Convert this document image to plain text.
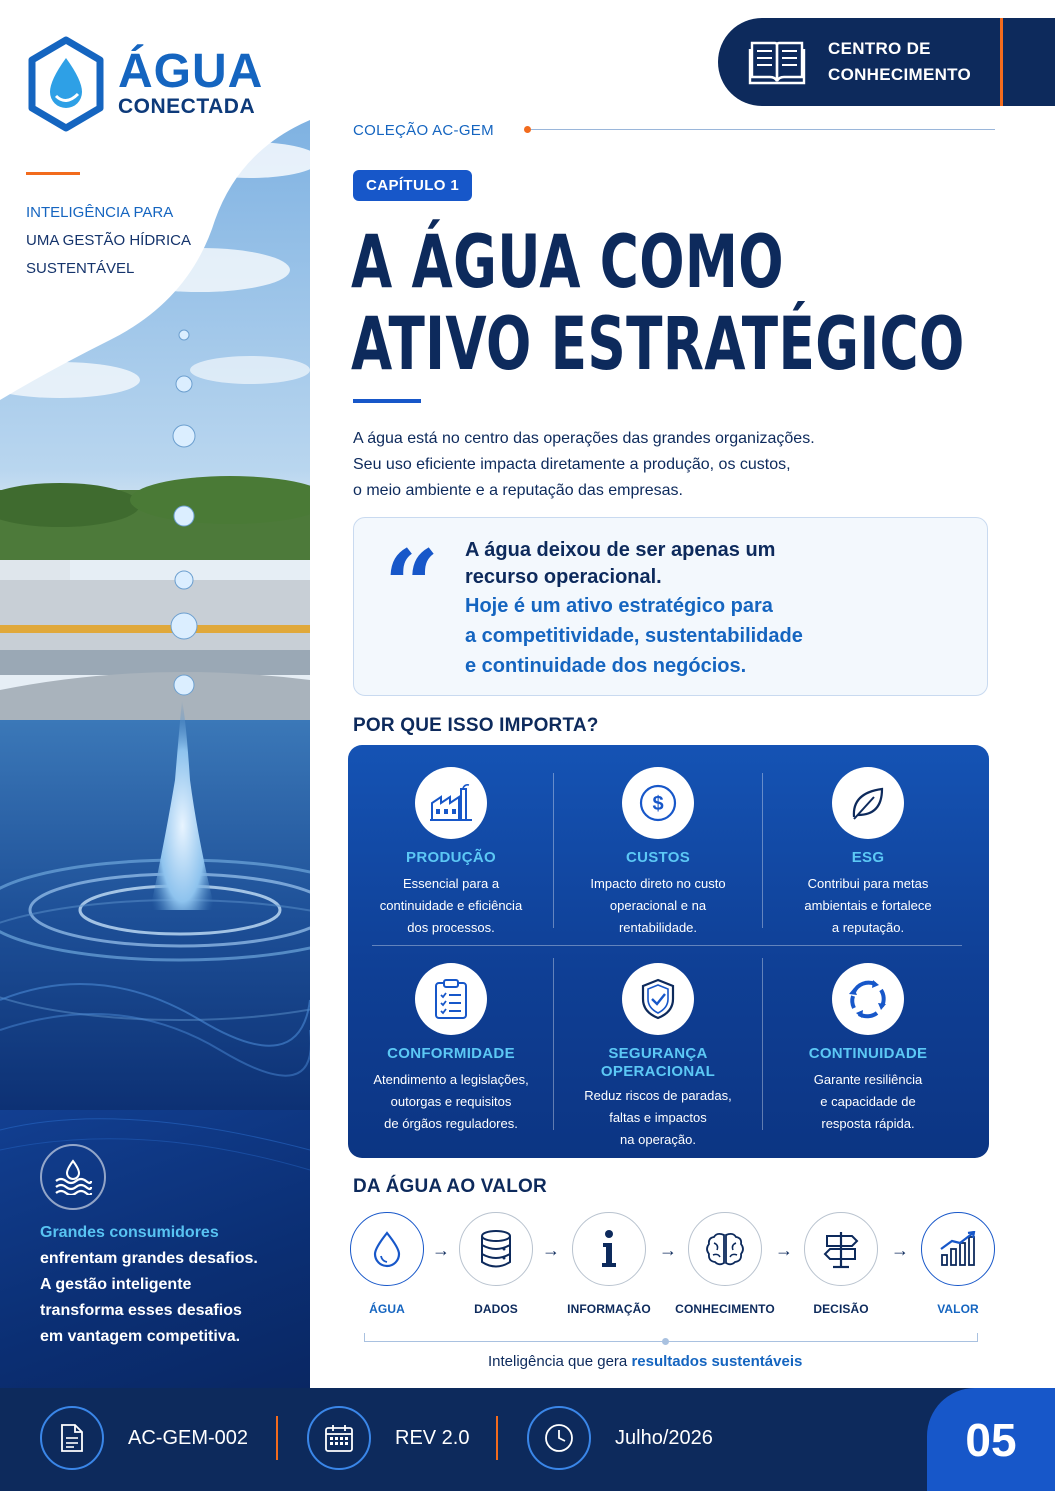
ÁGUA
CONECTADA
INTELIGÊNCIA PARA
UMA GESTÃO HÍDRICA
SUSTENTÁVEL
Grandes consumidores
enfrentam grandes desafios.
A gestão inteligente
transforma esses desafios
em vantagem competitiva.
CENTRO DE
CONHECIMENTO
COLEÇÃO AC-GEM
CAPÍTULO 1
A ÁGUA COMO
ATIVO ESTRATÉGICO
A água está no centro das operações das grandes organizações.
Seu uso eficiente impacta diretamente a produção, os custos,
o meio ambiente e a reputação das empresas.
“ A água deixou de ser apenas um
recurso operacional.
Hoje é um ativo estratégico para
a competitividade, sustentabilidade
e continuidade dos negócios.
POR QUE ISSO IMPORTA?
PRODUÇÃO
Essencial para a
continuidade e eficiência
dos processos.
$
CUSTOS
Impacto direto no custo
operacional e na
rentabilidade.
ESG
Contribui para metas
ambientais e fortalece
a reputação.
CONFORMIDADE
Atendimento a legislações,
outorgas e requisitos
de órgãos reguladores.
SEGURANÇA
OPERACIONAL
Reduz riscos de paradas,
faltas e impactos
na operação.
CONTINUIDADE
Garante resiliência
e capacidade de
resposta rápida.
DA ÁGUA AO VALOR
ÁGUA
→
DADOS
→
INFORMAÇÃO
→
CONHECIMENTO
→
DECISÃO
→
VALOR
Inteligência que gera resultados sustentáveis
AC-GEM-002	REV 2.0	Julho/2026	05
